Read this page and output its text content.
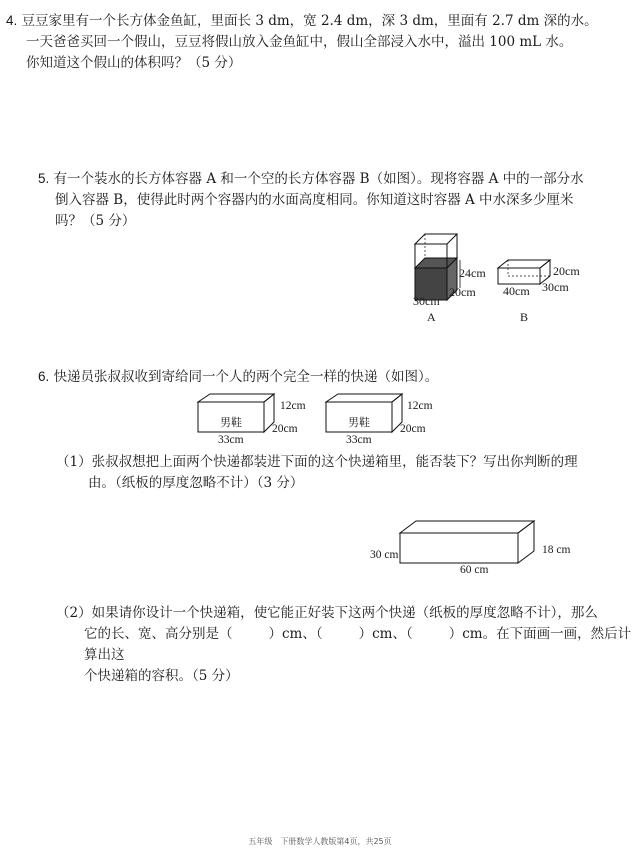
4. 豆豆家里有一个长方体金鱼缸，里面长 3 dm，宽 2.4 dm，深 3 dm，里面有 2.7 dm 深的水。
一天爸爸买回一个假山，豆豆将假山放入金鱼缸中，假山全部浸入水中，溢出 100 mL 水。
你知道这个假山的体积吗？（5 分）
5. 有一个装水的长方体容器 A 和一个空的长方体容器 B（如图）。现将容器 A 中的一部分水
倒入容器 B，使得此时两个容器内的水面高度相同。你知道这时容器 A 中水深多少厘米
吗？（5 分）
24cm
20cm
30cm
A
20cm
40cm 30cm
B
6. 快递员张叔叔收到寄给同一个人的两个完全一样的快递（如图）。
男鞋
12cm
20cm
33cm
男鞋
12cm
20cm
33cm
（1）张叔叔想把上面两个快递都装进下面的这个快递箱里，能否装下？写出你判断的理
由。（纸板的厚度忽略不计）（3 分）
30 cm	18 cm
60 cm
（2）如果请你设计一个快递箱，使它能正好装下这两个快递（纸板的厚度忽略不计），那么
它的长、宽、高分别是（	）cm、（	）cm、（	）cm。在下面画一画，然后计算出这
个快递箱的容积。（5 分）
五年级　下册数学人教版第4页，共25页
